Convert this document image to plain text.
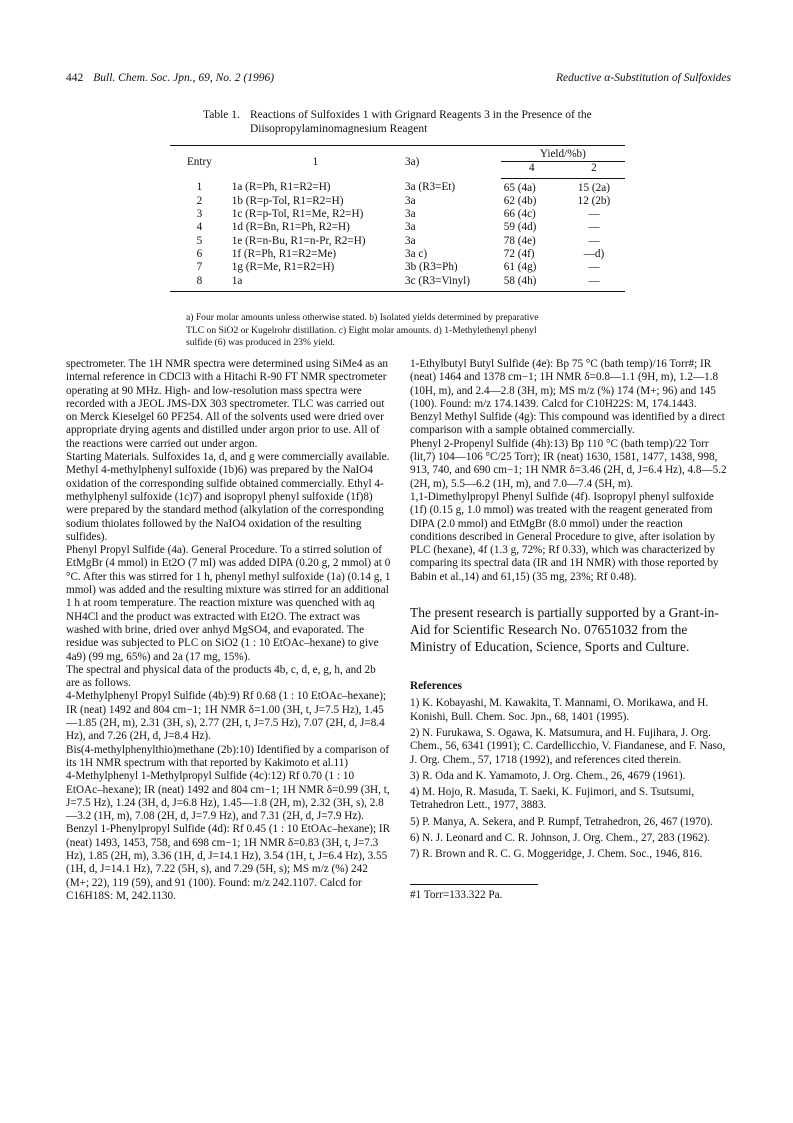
442 Bull. Chem. Soc. Jpn., 69, No. 2 (1996)	Reductive α-Substitution of Sulfoxides
Table 1. Reactions of Sulfoxides 1 with Grignard Reagents 3 in the Presence of the
Diisopropylaminomagnesium Reagent
Entry	1	3a)	Yield/%b)	
			4	2
1	1a (R=Ph, R1=R2=H)	3a (R3=Et)	65 (4a)	15 (2a)
2	1b (R=p-Tol, R1=R2=H)	3a	62 (4b)	12 (2b)
3	1c (R=p-Tol, R1=Me, R2=H)	3a	66 (4c)	—
4	1d (R=Bn, R1=Ph, R2=H)	3a	59 (4d)	—
5	1e (R=n-Bu, R1=n-Pr, R2=H)	3a	78 (4e)	—
6	1f (R=Ph, R1=R2=Me)	3a c)	72 (4f)	—d)
7	1g (R=Me, R1=R2=H)	3b (R3=Ph)	61 (4g)	—
8	1a	3c (R3=Vinyl)	58 (4h)	—
a) Four molar amounts unless otherwise stated. b) Isolated yields determined by preparative
TLC on SiO2 or Kugelrohr distillation. c) Eight molar amounts. d) 1-Methylethenyl phenyl
sulfide (6) was produced in 23% yield.

spectrometer. The 1H NMR spectra were determined using SiMe4 as an internal reference in CDCl3 with a Hitachi R-90 FT NMR spectrometer operating at 90 MHz. High- and low-resolution mass spectra were recorded with a JEOL JMS-DX 303 spectrometer. TLC was carried out on Merck Kieselgel 60 PF254. All of the solvents used were dried over appropriate drying agents and distilled under argon prior to use. All of the reactions were carried out under argon.

Starting Materials. Sulfoxides 1a, d, and g were commercially available. Methyl 4-methylphenyl sulfoxide (1b)6) was prepared by the NaIO4 oxidation of the corresponding sulfide obtained commercially. Ethyl 4-methylphenyl sulfoxide (1c)7) and isopropyl phenyl sulfoxide (1f)8) were prepared by the standard method (alkylation of the corresponding sodium thiolates followed by the NaIO4 oxidation of the resulting sulfides).

Phenyl Propyl Sulfide (4a). General Procedure. To a stirred solution of EtMgBr (4 mmol) in Et2O (7 ml) was added DIPA (0.20 g, 2 mmol) at 0 °C. After this was stirred for 1 h, phenyl methyl sulfoxide (1a) (0.14 g, 1 mmol) was added and the resulting mixture was stirred for an additional 1 h at room temperature. The reaction mixture was quenched with aq NH4Cl and the product was extracted with Et2O. The extract was washed with brine, dried over anhyd MgSO4, and evaporated. The residue was subjected to PLC on SiO2 (1 : 10 EtOAc–hexane) to give 4a9) (99 mg, 65%) and 2a (17 mg, 15%).

The spectral and physical data of the products 4b, c, d, e, g, h, and 2b are as follows.

4-Methylphenyl Propyl Sulfide (4b):9) Rf 0.68 (1 : 10 EtOAc–hexane); IR (neat) 1492 and 804 cm−1; 1H NMR δ=1.00 (3H, t, J=7.5 Hz), 1.45—1.85 (2H, m), 2.31 (3H, s), 2.77 (2H, t, J=7.5 Hz), 7.07 (2H, d, J=8.4 Hz), and 7.26 (2H, d, J=8.4 Hz).

Bis(4-methylphenylthio)methane (2b):10) Identified by a comparison of its 1H NMR spectrum with that reported by Kakimoto et al.11)

4-Methylphenyl 1-Methylpropyl Sulfide (4c):12) Rf 0.70 (1 : 10 EtOAc–hexane); IR (neat) 1492 and 804 cm−1; 1H NMR δ=0.99 (3H, t, J=7.5 Hz), 1.24 (3H, d, J=6.8 Hz), 1.45—1.8 (2H, m), 2.32 (3H, s), 2.8—3.2 (1H, m), 7.08 (2H, d, J=7.9 Hz), and 7.31 (2H, d, J=7.9 Hz).

Benzyl 1-Phenylpropyl Sulfide (4d): Rf 0.45 (1 : 10 EtOAc–hexane); IR (neat) 1493, 1453, 758, and 698 cm−1; 1H NMR δ=0.83 (3H, t, J=7.3 Hz), 1.85 (2H, m), 3.36 (1H, d, J=14.1 Hz), 3.54 (1H, t, J=6.4 Hz), 3.55 (1H, d, J=14.1 Hz), 7.22 (5H, s), and 7.29 (5H, s); MS m/z (%) 242 (M+; 22), 119 (59), and 91 (100). Found: m/z 242.1107. Calcd for C16H18S: M, 242.1130.

1-Ethylbutyl Butyl Sulfide (4e): Bp 75 °C (bath temp)/16 Torr#; IR (neat) 1464 and 1378 cm−1; 1H NMR δ=0.8—1.1 (9H, m), 1.2—1.8 (10H, m), and 2.4—2.8 (3H, m); MS m/z (%) 174 (M+; 96) and 145 (100). Found: m/z 174.1439. Calcd for C10H22S: M, 174.1443.

Benzyl Methyl Sulfide (4g): This compound was identified by a direct comparison with a sample obtained commercially.

Phenyl 2-Propenyl Sulfide (4h):13) Bp 110 °C (bath temp)/22 Torr (lit,7) 104—106 °C/25 Torr); IR (neat) 1630, 1581, 1477, 1438, 998, 913, 740, and 690 cm−1; 1H NMR δ=3.46 (2H, d, J=6.4 Hz), 4.8—5.2 (2H, m), 5.5—6.2 (1H, m), and 7.0—7.4 (5H, m).

1,1-Dimethylpropyl Phenyl Sulfide (4f). Isopropyl phenyl sulfoxide (1f) (0.15 g, 1.0 mmol) was treated with the reagent generated from DIPA (2.0 mmol) and EtMgBr (8.0 mmol) under the reaction conditions described in General Procedure to give, after isolation by PLC (hexane), 4f (1.3 g, 72%; Rf 0.33), which was characterized by comparing its spectral data (IR and 1H NMR) with those reported by Babin et al.,14) and 61,15) (35 mg, 23%; Rf 0.48).

The present research is partially supported by a Grant-in-Aid for Scientific Research No. 07651032 from the Ministry of Education, Science, Sports and Culture.

References

1) K. Kobayashi, M. Kawakita, T. Mannami, O. Morikawa, and H. Konishi, Bull. Chem. Soc. Jpn., 68, 1401 (1995).

2) N. Furukawa, S. Ogawa, K. Matsumura, and H. Fujihara, J. Org. Chem., 56, 6341 (1991); C. Cardellicchio, V. Fiandanese, and F. Naso, J. Org. Chem., 57, 1718 (1992), and references cited therein.

3) R. Oda and K. Yamamoto, J. Org. Chem., 26, 4679 (1961).

4) M. Hojo, R. Masuda, T. Saeki, K. Fujimori, and S. Tsutsumi, Tetrahedron Lett., 1977, 3883.

5) P. Manya, A. Sekera, and P. Rumpf, Tetrahedron, 26, 467 (1970).

6) N. J. Leonard and C. R. Johnson, J. Org. Chem., 27, 283 (1962).

7) R. Brown and R. C. G. Moggeridge, J. Chem. Soc., 1946, 816.

#1 Torr=133.322 Pa.
